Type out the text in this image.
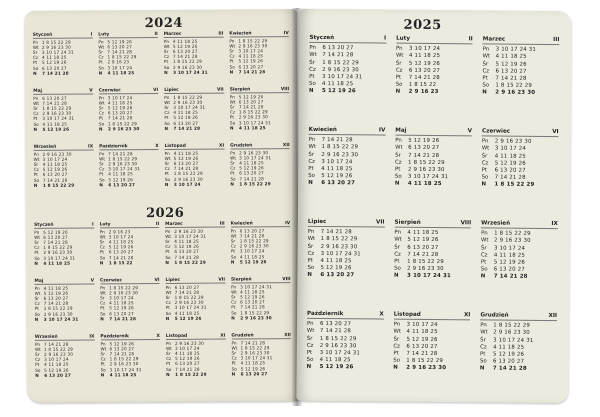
2024
Styczeń	I
Pn 1 8 15 22 29
Wt 2 9 16 23 30
Śr	3 10 17 24 31
Cz 4 11 18 25
Pt	5 12 19 26
So 6 13 20 27
N	7 14 21 28
Luty	II
Pn 5 12 19 26
Wt 6 13 20 27
Śr	7 14 21 28
Cz 1 8 15 22 29
Pt	2 9 16 23
So 3 10 17 24
N	4 11 18 25
Marzec	III
Pn 4 11 18 25
Wt 5 12 19 26
Śr	6 13 20 27
Cz 7 14 21 28
Pt	1 8 15 22 29
So 2 9 16 23 30
N	3 10 17 24 31
Kwiecień	IV
Pn 1 8 15 22 29
Wt 2 9 16 23 30
Śr	3 10 17 24
Cz 4 11 18 25
Pt	5 12 19 26
So 6 13 20 27
N	7 14 21 28
Maj	V
Pn 6 13 20 27
Wt 7 14 21 28
Śr	1 8 15 22 29
Cz 2 9 16 23 30
Pt	3 10 17 24 31
So 4 11 18 25
N	5 12 19 26
Czerwiec	VI
Pn 3 10 17 24
Wt 4 11 18 25
Śr	5 12 19 26
Cz 6 13 20 27
Pt	7 14 21 28
So 1 8 15 22 29
N	2 9 16 23 30
Lipiec	VII
Pn 1 8 15 22 29
Wt 2 9 16 23 30
Śr	3 10 17 24 31
Cz 4 11 18 25
Pt	5 12 19 26
So 6 13 20 27
N	7 14 21 28
Sierpień	VIII
Pn 5 12 19 26
Wt 6 13 20 27
Śr	7 14 21 28
Cz 1 8 15 22 29
Pt	2 9 16 23 30
So 3 10 17 24 31
N	4 11 18 25
Wrzesień	IX
Pn 2 9 16 23 30
Wt 3 10 17 24
Śr	4 11 18 25
Cz 5 12 19 26
Pt	6 13 20 27
So 7 14 21 28
N	1 8 15 22 29
Październik	X
Pn 7 14 21 28
Wt 1 8 15 22 29
Śr	2 9 16 23 30
Cz 3 10 17 24 31
Pt	4 11 18 25
So 5 12 19 26
N	6 13 20 27
Listopad	XI
Pn 4 11 18 25
Wt 5 12 19 26
Śr	6 13 20 27
Cz 7 14 21 28
Pt	1 8 15 22 29
So 2 9 16 23 30
N	3 10 17 24
Grudzień	XII
Pn 2 9 16 23 30
Wt 3 10 17 24 31
Śr	4 11 18 25
Cz 5 12 19 26
Pt	6 13 20 27
So 7 14 21 28
N	1 8 15 22 29
2026
Styczeń	I
Pn 5 12 19 26
Wt 6 13 20 27
Śr	7 14 21 28
Cz 1 8 15 22 29
Pt	2 9 16 23 30
So 3 10 17 24 31
N	4 11 18 25
Luty	II
Pn 2 9 16 23
Wt 3 10 17 24
Śr	4 11 18 25
Cz 5 12 19 26
Pt	6 13 20 27
So 7 14 21 28
N	1 8 15 22
Marzec	III
Pn 2 9 16 23 30
Wt 3 10 17 24 31
Śr	4 11 18 25
Cz 5 12 19 26
Pt	6 13 20 27
So 7 14 21 28
N	1 8 15 22 29
Kwiecień	IV
Pn 6 13 20 27
Wt 7 14 21 28
Śr	1 8 15 22 29
Cz 2 9 16 23 30
Pt	3 10 17 24
So 4 11 18 25
N	5 12 19 26
Maj	V
Pn 4 11 18 25
Wt 5 12 19 26
Śr	6 13 20 27
Cz 7 14 21 28
Pt	1 8 15 22 29
So 2 9 16 23 30
N	3 10 17 24 31
Czerwiec	VI
Pn 1 8 15 22 29
Wt 2 9 16 23 30
Śr	3 10 17 24
Cz 4 11 18 25
Pt	5 12 19 26
So 6 13 20 27
N	7 14 21 28
Lipiec	VII
Pn 6 13 20 27
Wt 7 14 21 28
Śr	1 8 15 22 29
Cz 2 9 16 23 30
Pt	3 10 17 24 31
So 4 11 18 25
N	5 12 19 26
Sierpień	VIII
Pn 3 10 17 24 31
Wt 4 11 18 25
Śr	5 12 19 26
Cz 6 13 20 27
Pt	7 14 21 28
So 1 8 15 22 29
N	2 9 16 23 30
Wrzesień	IX
Pn 7 14 21 28
Wt 1 8 15 22 29
Śr	2 9 16 23 30
Cz 3 10 17 24
Pt	4 11 18 25
So 5 12 19 26
N	6 13 20 27
Październik	X
Pn 5 12 19 26
Wt 6 13 20 27
Śr	7 14 21 28
Cz 1 8 15 22 29
Pt	2 9 16 23 30
So 3 10 17 24 31
N	4 11 18 25
Listopad	XI
Pn 2 9 16 23 30
Wt 3 10 17 24
Śr	4 11 18 25
Cz 5 12 19 26
Pt	6 13 20 27
So 7 14 21 28
N	1 8 15 22 29
Grudzień	XII
Pn 7 14 21 28
Wt 1 8 15 22 29
Śr	2 9 16 23 30
Cz 3 10 17 24 31
Pt	4 11 18 25
So 5 12 19 26
N	6 13 20 27
2025
Styczeń	I
Pn	6 13 20 27
Wt	7 14 21 28
Śr	1 8 15 22 29
Cz	2 9 16 23 30
Pt	3 10 17 24 31
So	4 11 18 25
N	5 12 19 26
Luty	II
Pn	3 10 17 24
Wt	4 11 18 25
Śr	5 12 19 26
Cz	6 13 20 27
Pt	7 14 21 28
So	1 8 15 22
N	2 9 16 23
Marzec	III
Pn	3 10 17 24 31
Wt	4 11 18 25
Śr	5 12 19 26
Cz	6 13 20 27
Pt	7 14 21 28
So	1 8 15 22 29
N	2 9 16 23 30
Kwiecień	IV
Pn	7 14 21 28
Wt	1 8 15 22 29
Śr	2 9 16 23 30
Cz	3 10 17 24
Pt	4 11 18 25
So	5 12 19 26
N	6 13 20 27
Maj	V
Pn	5 12 19 26
Wt	6 13 20 27
Śr	7 14 21 28
Cz	1 8 15 22 29
Pt	2 9 16 23 30
So	3 10 17 24 31
N	4 11 18 25
Czerwiec	VI
Pn	2 9 16 23 30
Wt	3 10 17 24
Śr	4 11 18 25
Cz	5 12 19 26
Pt	6 13 20 27
So	7 14 21 28
N	1 8 15 22 29
Lipiec	VII
Pn	7 14 21 28
Wt	1 8 15 22 29
Śr	2 9 16 23 30
Cz	3 10 17 24 31
Pt	4 11 18 25
So	5 12 19 26
N	6 13 20 27
Sierpień	VIII
Pn	4 11 18 25
Wt	5 12 19 26
Śr	6 13 20 27
Cz	7 14 21 28
Pt	1 8 15 22 29
So	2 9 16 23 30
N	3 10 17 24 31
Wrzesień	IX
Pn	1 8 15 22 29
Wt	2 9 16 23 30
Śr	3 10 17 24
Cz	4 11 18 25
Pt	5 12 19 26
So	6 13 20 27
N	7 14 21 28
Październik	X
Pn	6 13 20 27
Wt	7 14 21 28
Śr	1 8 15 22 29
Cz	2 9 16 23 30
Pt	3 10 17 24 31
So	4 11 18 25
N	5 12 19 26
Listopad	XI
Pn	3 10 17 24
Wt	4 11 18 25
Śr	5 12 19 26
Cz	6 13 20 27
Pt	7 14 21 28
So	1 8 15 22 29
N	2 9 16 23 30
Grudzień	XII
Pn	1 8 15 22 29
Wt	2 9 16 23 30
Śr	3 10 17 24 31
Cz	4 11 18 25
Pt	5 12 19 26
So	6 13 20 27
N	7 14 21 28
